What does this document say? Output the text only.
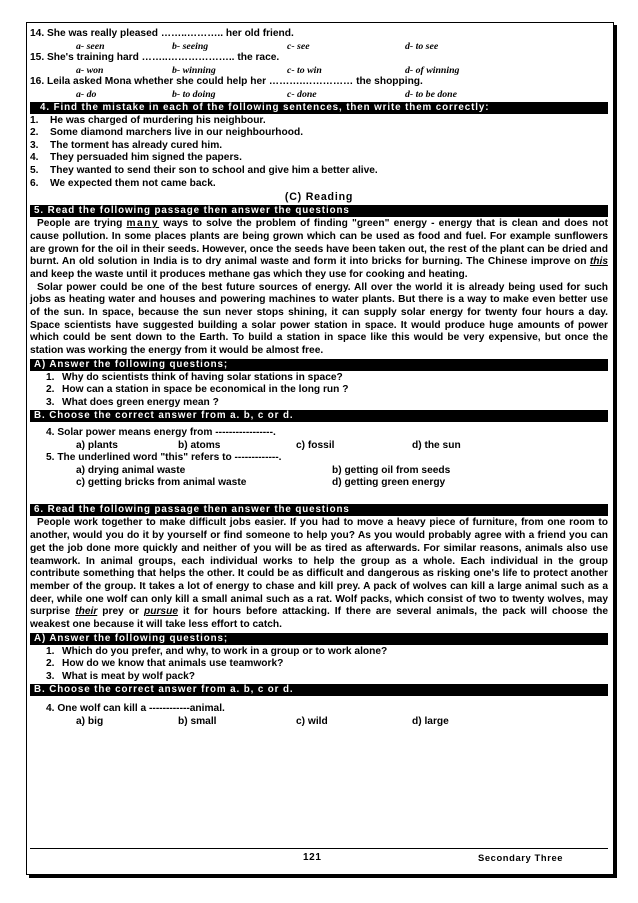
14. She was really pleased ……..……….. her old friend.

a- seen	b- seeing	c- see	d- to see

15. She's training hard ……..……………….. the race.

a- won	b- winning	c- to win	d- of winning

16. Leila asked Mona whether she could help her ……….…………… the shopping.

a- do	b- to doing	c- done	d- to be done
4. Find the mistake in each of the following sentences, then write them correctly:
1. He was charged of murdering his neighbour.
2. Some diamond marchers live in our neighbourhood.
3. The torment has already cured him.
4. They persuaded him signed the papers.
5. They wanted to send their son to school and give him a better alive.
6. We expected them not came back.
(C) Reading
5. Read the following passage then answer the questions

People are trying many ways to solve the problem of finding "green" energy - energy that is clean and does not cause pollution. In some places plants are being grown which can be used as food and fuel. For example sunflowers are grown for the oil in their seeds. However, once the seeds have been taken out, the rest of the plant can be dried and burnt. An old solution in India is to dry animal waste and form it into bricks for burning. The Chinese improve on this and keep the waste until it produces methane gas which they use for cooking and heating.

Solar power could be one of the best future sources of energy. All over the world it is already being used for such jobs as heating water and houses and powering machines to water plants. But there is a way to make even better use of the sun. In space, because the sun never stops shining, it can supply solar energy for twenty four hours a day. Space scientists have suggested building a solar power station in space. It would produce huge amounts of power which could be sent down to the Earth. To build a station in space like this would be very expensive, but once the station was working the energy from it would be almost free.

A) Answer the following questions;
1. Why do scientists think of having solar stations in space?
2. How can a station in space be economical in the long run ?
3. What does green energy mean ?
B. Choose the correct answer from a. b, c or d.

4. Solar power means energy from -----------------.

a) plants	b) atoms	c) fossil	d) the sun

5. The underlined word "this" refers to -------------.

a) drying animal waste	b) getting oil from seeds
c) getting bricks from animal waste	d) getting green energy
6. Read the following passage then answer the questions

People work together to make difficult jobs easier. If you had to move a heavy piece of furniture, from one room to another, would you do it by yourself or find someone to help you? As you would probably agree with a friend you can get the job done more quickly and neither of you will be as tired as afterwards. For similar reasons, animals also use teamwork. In animal groups, each individual works to help the group as a whole. Each individual in the group contribute something that helps the other. It could be as difficult and dangerous as risking one's life to protect another member of the group. It takes a lot of energy to chase and kill prey. A pack of wolves can kill a large animal such as a deer, while one wolf can only kill a small animal such as a rat. Wolf packs, which consist of two to twenty wolves, may surprise their prey or pursue it for hours before attacking. If there are several animals, the pack will choose the weakest one because it will take less effort to catch.

A) Answer the following questions;
1. Which do you prefer, and why, to work in a group or to work alone?
2. How do we know that animals use teamwork?
3. What is meat by wolf pack?
B. Choose the correct answer from a. b, c or d.

4. One wolf can kill a ------------animal.

a) big	b) small	c) wild	d) large
121	Secondary Three
